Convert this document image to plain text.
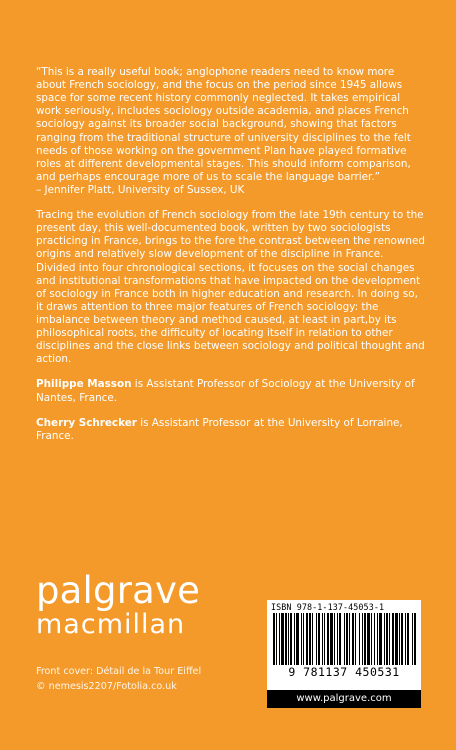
“This is a really useful book; anglophone readers need to know more about French sociology, and the focus on the period since 1945 allows space for some recent history commonly neglected. It takes empirical work seriously, includes sociology outside academia, and places French sociology against its broader social background, showing that factors ranging from the traditional structure of university disciplines to the felt needs of those working on the government Plan have played formative roles at different developmental stages. This should inform comparison, and perhaps encourage more of us to scale the language barrier.”
– Jennifer Platt, University of Sussex, UK

Tracing the evolution of French sociology from the late 19th century to the present day, this well-documented book, written by two sociologists practicing in France, brings to the fore the contrast between the renowned origins and relatively slow development of the discipline in France. Divided into four chronological sections, it focuses on the social changes and institutional transformations that have impacted on the development of sociology in France both in higher education and research. In doing so, it draws attention to three major features of French sociology: the imbalance between theory and method caused, at least in part,by its philosophical roots, the difficulty of locating itself in relation to other disciplines and the close links between sociology and political thought and action.

Philippe Masson is Assistant Professor of Sociology at the University of Nantes, France.

Cherry Schrecker is Assistant Professor at the University of Lorraine, France.

palgrave
macmillan
Front cover: Détail de la Tour Eiffel
© nemesis2207/Fotolia.co.uk
ISBN 978-1-137-45053-1
9 781137 450531
www.palgrave.com
